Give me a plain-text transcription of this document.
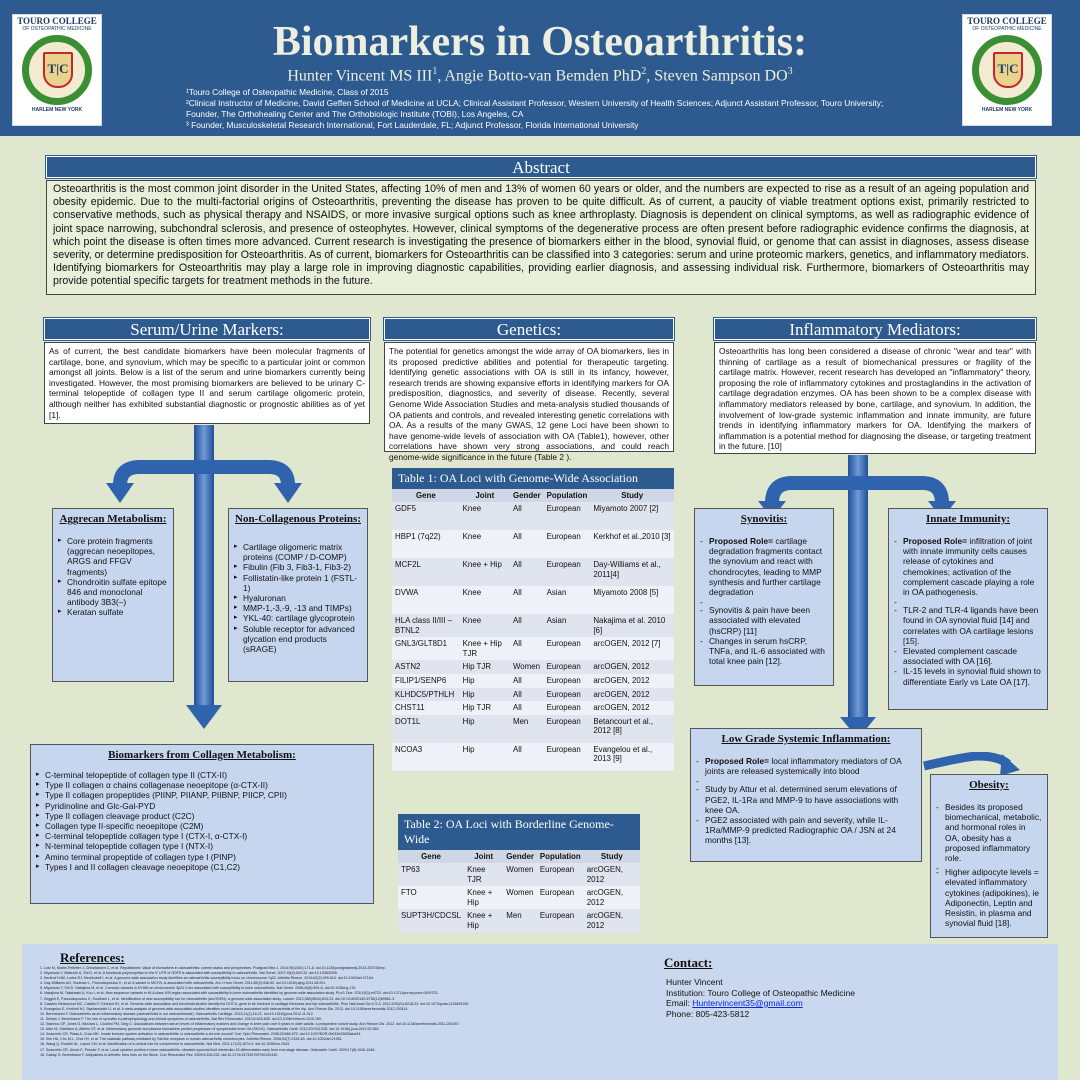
TOURO COLLEGE
OF OSTEOPATHIC MEDICINE
T|C
HARLEM NEW YORK
TOURO COLLEGE
OF OSTEOPATHIC MEDICINE
T|C
HARLEM NEW YORK
Biomarkers in Osteoarthritis:
Hunter Vincent MS III$^1$, Angie Botto-van Bemden PhD$^2$, Steven Sampson $DO^3$
¹Touro College of Osteopathic Medicine, Class of 2015
²Clinical Instructor of Medicine, David Geffen School of Medicine at UCLA; Clinical Assistant Professor, Western University of Health Sciences; Adjunct Assistant Professor, Touro University; Founder, The Orthohealing Center and The Orthobiologic Institute (TOBI), Los Angeles, CA
³ Founder, Musculoskeletal Research International, Fort Lauderdale, FL; Adjunct Professor, Florida International University
Abstract
Osteoarthritis is the most common joint disorder in the United States, affecting 10% of men and 13% of women 60 years or older, and the numbers are expected to rise as a result of an ageing population and obesity epidemic. Due to the multi-factorial origins of Osteoarthritis, preventing the disease has proven to be quite difficult. As of current, a paucity of viable treatment options exist, primarily restricted to conservative methods, such as physical therapy and NSAIDS, or more invasive surgical options such as knee arthroplasty. Diagnosis is dependent on clinical symptoms, as well as radiographic evidence of joint space narrowing, subchondral sclerosis, and presence of osteophytes. However, clinical symptoms of the degenerative process are often present before radiographic evidence confirms the diagnosis, at which point the disease is often times more advanced. Current research is investigating the presence of biomarkers either in the blood, synovial fluid, or genome that can assist in diagnoses, assess disease severity, or determine predisposition for Osteoarthritis. As of current, biomarkers for Osteoarthritis can be classified into 3 categories: serum and urine proteomic markers, genetics, and inflammatory mediators. Identifying biomarkers for Osteoarthritis may play a large role in improving diagnostic capabilities, providing earlier diagnosis, and assessing individual risk. Furthermore, biomarkers of Osteoarthritis may provide potential specific targets for treatment methods in the future.
Serum/Urine Markers:
As of current, the best candidate biomarkers have been molecular fragments of cartilage, bone, and synovium, which may be specific to a particular joint or common amongst all joints. Below is a list of the serum and urine biomarkers currently being investigated. However, the most promising biomarkers are believed to be urinary C-terminal telopeptide of collagen type II and serum cartilage oligomeric protein, although neither has exhibited substantial diagnostic or prognostic abilities as of yet [1].
Genetics:
The potential for genetics amongst the wide array of OA biomarkers, lies in its proposed predictive abilities and potential for therapeutic targeting. Identifying genetic associations with OA is still in its infancy, however, research trends are showing expansive efforts in identifying markers for OA predisposition, diagnostics, and severity of disease. Recently, several Genome Wide Association Studies and meta-analysis studied thousands of OA patients and controls, and revealed interesting genetic correlations with OA. As a results of the many GWAS, 12 gene Loci have been shown to have genome-wide levels of association with OA (Table1), however, other correlations have shown very strong associations, and could reach genome-wide significance in the future (Table 2 ).
Inflammatory Mediators:
Osteoarthritis has long been considered a disease of chronic "wear and tear" with thinning of cartilage as a result of biomechanical pressures or fragility of the cartilage matrix. However, recent research has developed an "inflammatory" theory, proposing the role of inflammatory cytokines and prostaglandins in the activation of cartilage degradation enzymes. OA has been shown to be a complex disease with inflammatory mediators released by bone, cartilage, and synovium. In addition, the involvement of low-grade systemic inflammation and innate immunity, are future trends in identifying inflammatory markers for OA. Identifying the markers of inflammation is a potential method for diagnosing the disease, or targeting treatment in the future. [10]
Aggrecan Metabolism:
▸ Core protein fragments (aggrecan neoepitopes, ARGS and FFGV fragments)
▸ Chondroitin sulfate epitope 846 and monoclonal antibody 3B3(–)
▸ Keratan sulfate
Non-Collagenous Proteins:
▸ Cartilage oligomeric matrix proteins (COMP / D-COMP)
▸ Fibulin (Fib 3, Fib3-1, Fib3-2)
▸ Follistatin-like protein 1 (FSTL-1)
▸ Hyaluronan
▸ MMP-1,-3,-9, -13 and TIMPs)
▸ YKL-40: cartilage glycoprotein
▸ Soluble receptor for advanced glycation end products (sRAGE)
Biomarkers from Collagen Metabolism:
▸ C-terminal telopeptide of collagen type II (CTX-II)
▸ Type II collagen α chains collagenase neoepitope (α-CTX-II)
▸ Type II collagen propeptides (PIINP, PIIANP, PIIBNP, PIICP, CPII)
▸ Pyridinoline and Glc-Gal-PYD
▸ Type II collagen cleavage product (C2C)
▸ Collagen type II-specific neoepitope (C2M)
▸ C-terminal telopeptide collagen type I (CTX-I, α-CTX-I)
▸ N-terminal telopeptide collagen type I (NTX-I)
▸ Amino terminal propeptide of collagen type I (PINP)
▸ Types I and II collagen cleavage neoepitope (C1,C2)
Table 1: OA Loci with Genome-Wide Association
Gene	Joint	Gender	Population	Study
GDF5	Knee	All	European	Miyamoto 2007 [2]
HBP1 (7q22)	Knee	All	European	Kerkhof et al.,2010 [3]
MCF2L	Knee + Hip	All	European	Day-Williams et al., 2011[4]
DVWA	Knee	All	Asian	Miyamoto 2008 [5]
HLA class II/III – BTNL2	Knee	All	Asian	Nakajima et al. 2010 [6]
GNL3/GLT8D1	Knee + Hip TJR	All	European	arcOGEN, 2012 [7]
ASTN2	Hip TJR	Women	European	arcOGEN, 2012
FILIP1/SENP6	Hip	All	European	arcOGEN, 2012
KLHDC5/PTHLH	Hip	All	European	arcOGEN, 2012
CHST11	Hip TJR	All	European	arcOGEN, 2012
DOT1L	Hip	Men	European	Betancourt et al., 2012 [8]
NCOA3	Hip	All	European	Evangelou et al., 2013 [9]
Table 2: OA Loci with Borderline Genome-Wide
Gene	Joint	Gender	Population	Study
TP63	Knee TJR	Women	European	arcOGEN, 2012
FTO	Knee + Hip	Women	European	arcOGEN, 2012
SUPT3H/CDCSL	Knee + Hip	Men	European	arcOGEN, 2012
Synovitis:
- Proposed Role= cartilage degradation fragments contact the synovium and react with chondrocytes, leading to MMP synthesis and further cartilage degradation
-
- Synovitis & pain have been associated with elevated (hsCRP) [11]
- Changes in serum hsCRP, TNFa, and IL-6 associated with total knee pain [12].
Innate Immunity:
- Proposed Role= infiltration of joint with innate immunity cells causes release of cytokines and chemokines; activation of the complement cascade playing a role in OA pathogenesis.
-
- TLR-2 and TLR-4 ligands have been found in OA synovial fluid [14] and correlates with OA cartilage lesions [15].
- Elevated complement cascade associated with OA [16].
- IL-15 levels in synovial fluid shown to differentiate Early vs Late OA [17].
Low Grade Systemic Inflammation:
- Proposed Role= local inflammatory mediators of OA joints are released systemically into blood
-
- Study by Attur et al. determined serum elevations of PGE2, IL-1Ra and MMP-9 to have associations with knee OA.
- PGE2 associated with pain and severity, while IL-1Ra/MMP-9 predicted Radiographic OA / JSN at 24 months [13].
Obesity:
- Besides its proposed biomechanical, metabolic, and hormonal roles in OA, obesity has a proposed inflammatory role.
-
- Higher adipocyte levels = elevated inflammatory cytokines (adipokines), ie Adiponectin, Leptin and Resistin, in plasma and synovial fluid [18].
References:
1. Lotz M, Martel-Pelletier J, Christiansen C, et al. Republished: Value of biomarkers in osteoarthritis: current status and perspectives. Postgrad Med J. 2014;90(1061):171-8. doi:10.1136/postgradmedj-2013-203726rep.
2. Miyamoto Y, Mabuchi A, Shi D, et al. A functional polymorphism in the 5' UTR of GDF5 is associated with susceptibility to osteoarthritis. Nat Genet. 2007;39(4):529-33. doi:10.1038/2005.
3. Kerkhof HJM, Lories RJ, Meulenbelt I, et al. A genome-wide association study identifies an osteoarthritis susceptibility locus on chromosome 7q22. Arthritis Rheum. 2010;62(2):499-510. doi:10.1002/art.27184.
4. Day-Williams AG, Southam L, Panoutsopoulou K, et al. A variant in MCF2L is associated with osteoarthritis. Am J Hum Genet. 2011;89(3):446-50. doi:10.1016/j.ajhg.2011.08.001.
5. Miyamoto Y, Shi D, Nakajima M, et al. Common variants in DVWA on chromosome 3p24.3 are associated with susceptibility to knee osteoarthritis. Nat Genet. 2008;40(8):994-8. doi:10.1038/ng.176.
6. Nakajima M, Takahashi A, Kou I, et al. New sequence variants in HLA class II/III region associated with susceptibility to knee osteoarthritis identified by genome-wide association study. PLoS One. 2010;5(3):e9723. doi:10.1371/journal.pone.0009723.
7. Zeggini E, Panoutsopoulou K, Southam L, et al. Identification of new susceptibility loci for osteoarthritis (arcOGEN): a genome-wide association study. Lancet. 2012;380(9844):815-23. doi:10.1016/S0140-6736(12)60681-3.
8. Castaño Betancourt MC, Cailotto F, Kerkhof HJ, et al. Genome-wide association and functional studies identify the DOT1L gene to be involved in cartilage thickness and hip osteoarthritis. Proc Natl Acad Sci U S A. 2012;109(21):8218-23. doi:10.1073/pnas.1119899109.
9. Evangelou E, Kerkhof HJ, Styrkarsdottir U, et al. A meta-analysis of genome-wide association studies identifies novel variants associated with osteoarthritis of the hip. Ann Rheum Dis. 2013. doi:10.1136/annrheumdis-2012-203114.
10. Berenbaum F. Osteoarthritis as an inflammatory disease (osteoarthritis is not osteoarthrosis!). Osteoarthritis Cartilage. 2013;21(1):16-21. doi:10.1016/j.joca.2012.11.012.
11. Sellam J, Berenbaum F. The role of synovitis in pathophysiology and clinical symptoms of osteoarthritis. Nat Rev Rheumatol. 2010;6:625-635. doi:10.1038/nrrheum.2010.159.
12. Stannus OP, Jones G, Blizzard L, Cicuttini FM, Ding C. Associations between serum levels of inflammatory markers and change in knee pain over 5 years in older adults: a prospective cohort study. Ann Rheum Dis. 2012. doi:10.1136/annrheumdis-2011-201047.
13. Attur M, Statnikov A, Aliferis CF, et al. Inflammatory genomic and plasma biomarkers predict progression of symptomatic knee OA (SKOA). Osteoarthritis Cartil. 2012;20:S34-S35. doi:10.1016/j.joca.2012.02.562.
14. Scanzello CR, Plaas A, Crow MK. Innate immune system activation in osteoarthritis: is osteoarthritis a chronic wound? Curr Opin Rheumatol. 2008;20:565-572. doi:10.1097/BOR.0b013e32830aba34.
15. Kim HA, Cho M-L, Choi HY, et al. The catabolic pathway mediated by Toll-like receptors in human osteoarthritic chondrocytes. Arthritis Rheum. 2006;54(7):2152-63. doi:10.1002/art.21951.
16. Wang Q, Rozelle AL, Lepus CM, et al. Identification of a central role for complement in osteoarthritis. Nat Med. 2011;17(12):1674-9. doi:10.1038/nm.2543.
17. Scanzello CR, Umoh E, Pessler F, et al. Local cytokine profiles in knee osteoarthritis: elevated synovial fluid interleukin-15 differentiates early from end-stage disease. Osteoarthr Cartil. 2009;17(8):1040-1048.
18. Gabay O, Berenbaum F. Adipokines in Arthritis: New Kids on the Block. Curr Rheumatol Rev. 2009;5:226-232. doi:10.2174/157339709790192440.
Contact:
Hunter Vincent
Institution: Touro College of Osteopathic Medicine
Email: Huntervincent35@gmail.com
Phone: 805-423-5812
